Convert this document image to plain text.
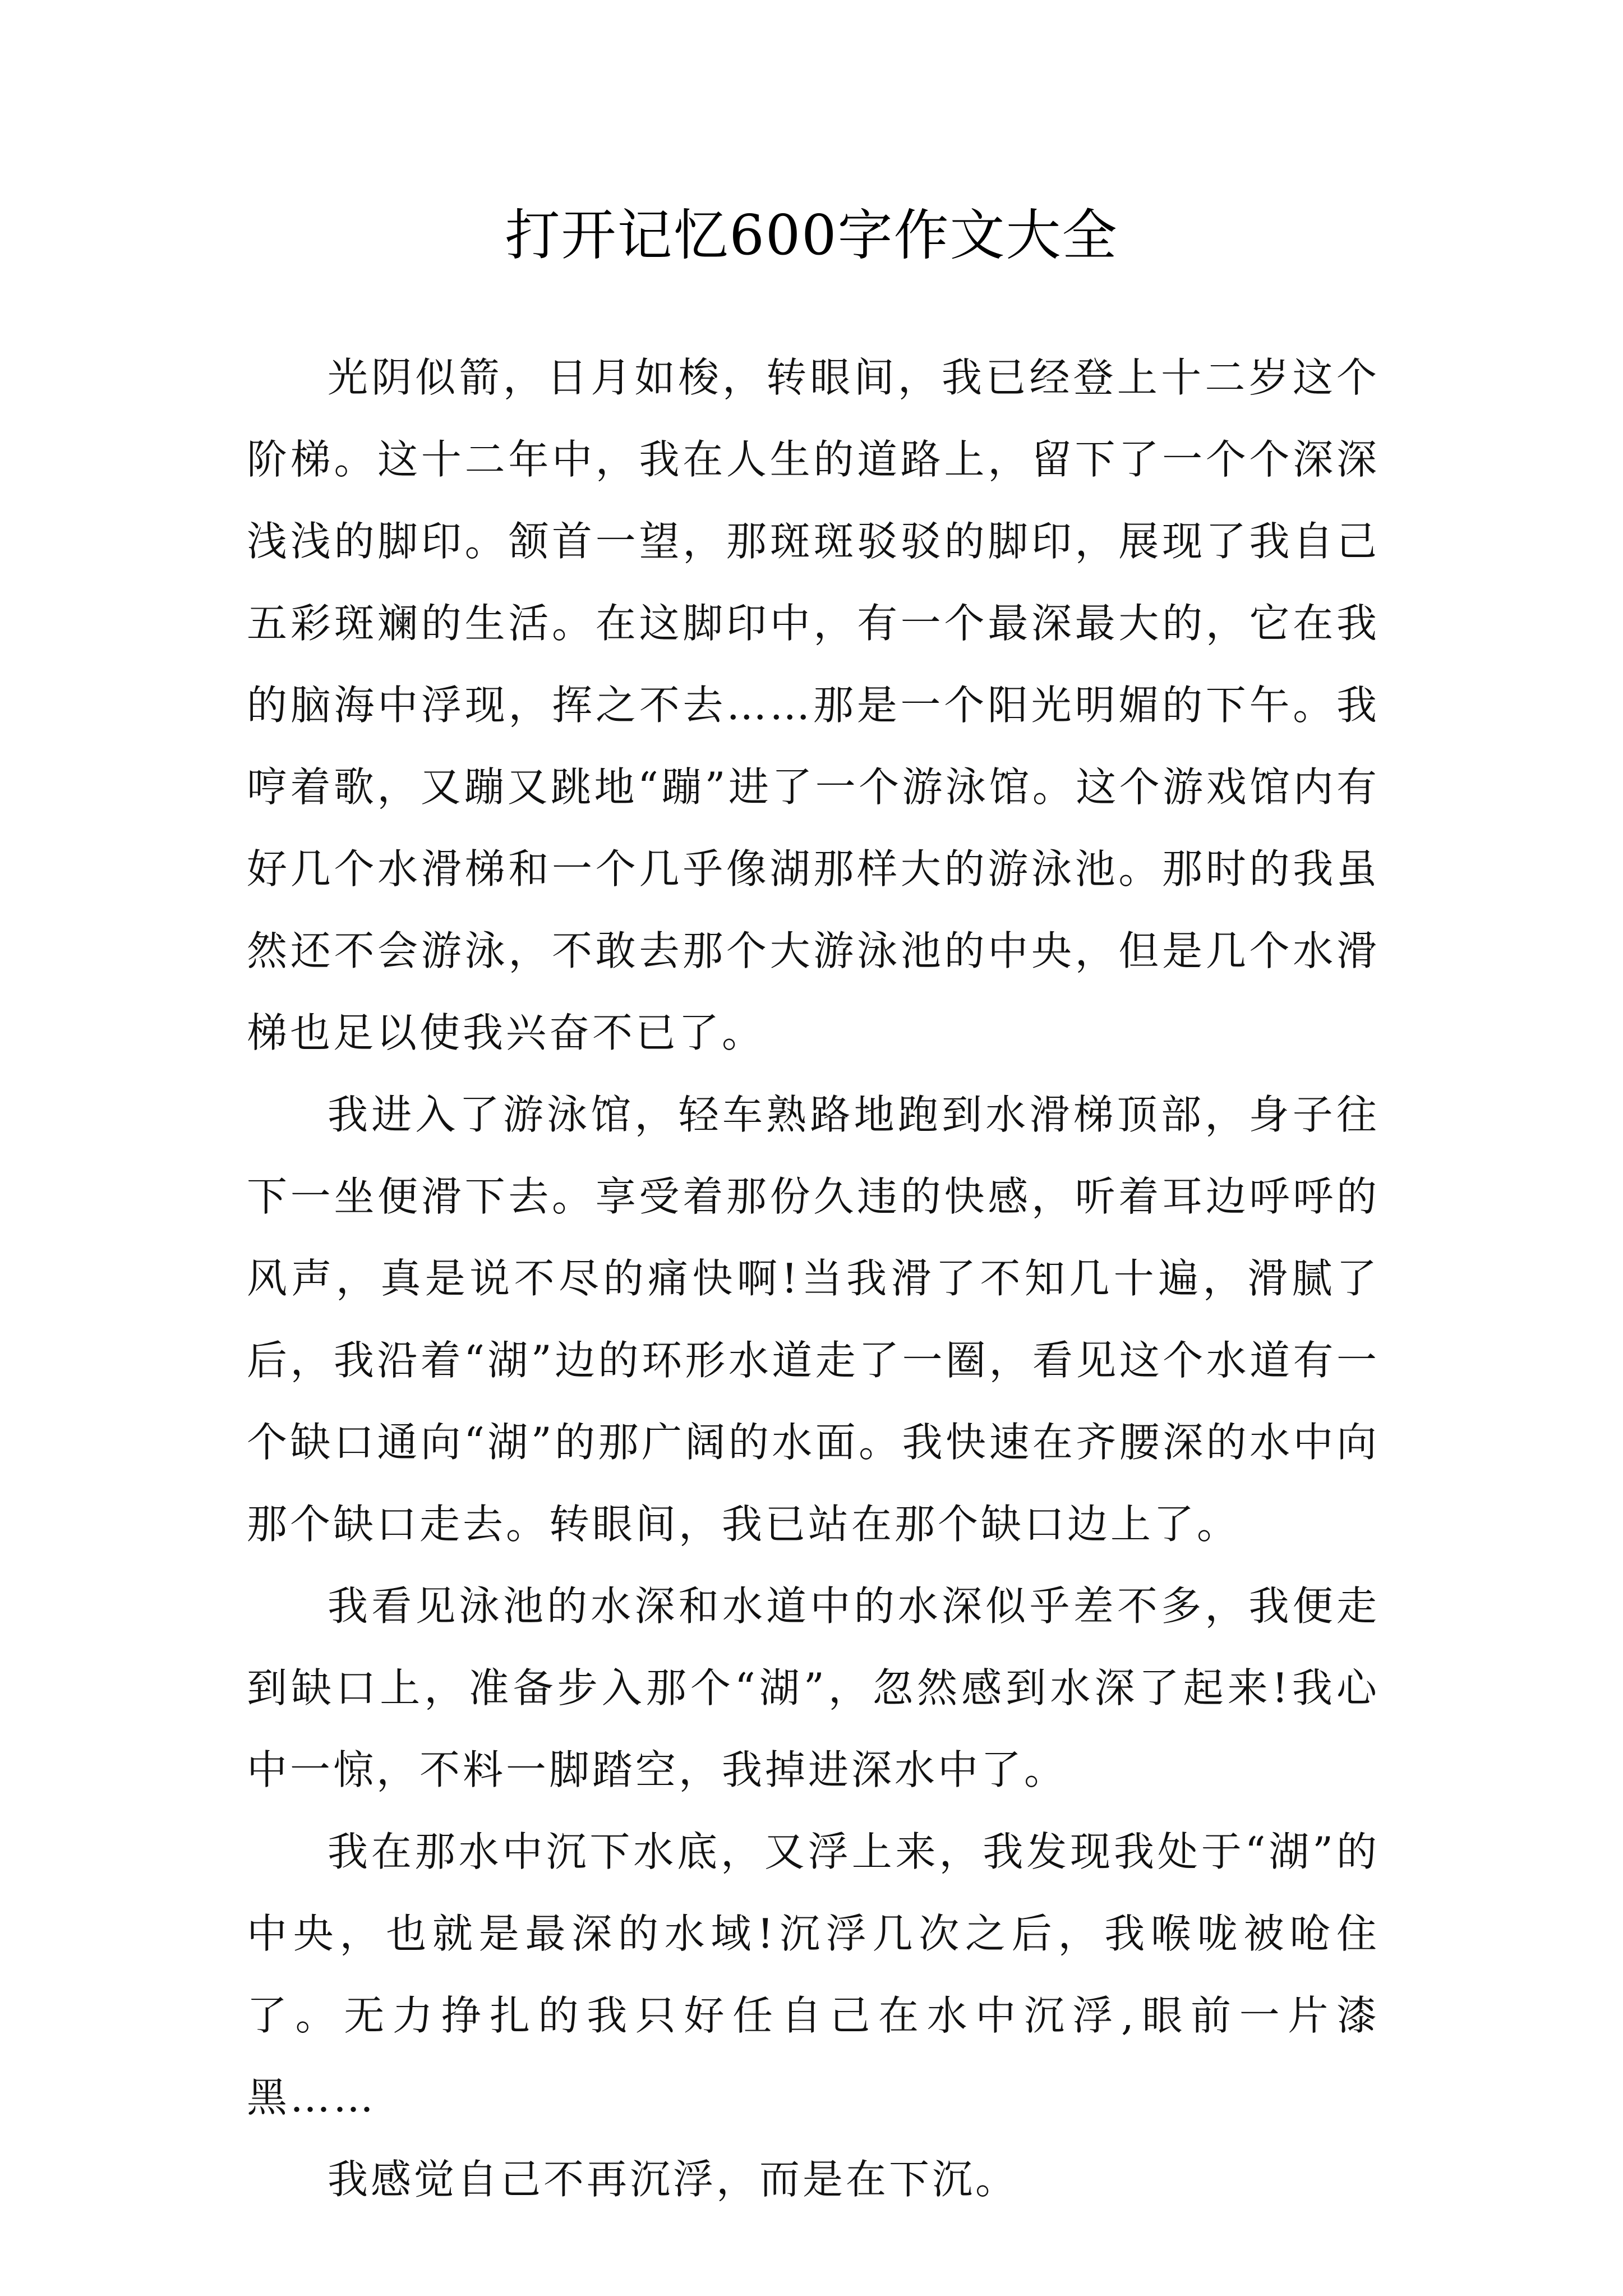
打开记忆600字作文大全

光阴似箭，日月如梭，转眼间，我已经登上十二岁这个阶梯。这十二年中，我在人生的道路上，留下了一个个深深浅浅的脚印。颔首一望，那斑斑驳驳的脚印，展现了我自己五彩斑斓的生活。在这脚印中，有一个最深最大的，它在我的脑海中浮现，挥之不去……那是一个阳光明媚的下午。我哼着歌，又蹦又跳地“蹦”进了一个游泳馆。这个游戏馆内有好几个水滑梯和一个几乎像湖那样大的游泳池。那时的我虽然还不会游泳，不敢去那个大游泳池的中央，但是几个水滑梯也足以使我兴奋不已了。

我进入了游泳馆，轻车熟路地跑到水滑梯顶部，身子往下一坐便滑下去。享受着那份久违的快感，听着耳边呼呼的风声，真是说不尽的痛快啊!当我滑了不知几十遍，滑腻了后，我沿着“湖”边的环形水道走了一圈，看见这个水道有一个缺口通向“湖”的那广阔的水面。我快速在齐腰深的水中向那个缺口走去。转眼间，我已站在那个缺口边上了。

我看见泳池的水深和水道中的水深似乎差不多，我便走到缺口上，准备步入那个“湖”，忽然感到水深了起来!我心中一惊，不料一脚踏空，我掉进深水中了。

我在那水中沉下水底，又浮上来，我发现我处于“湖”的中央，也就是最深的水域!沉浮几次之后，我喉咙被呛住了。无力挣扎的我只好任自己在水中沉浮,眼前一片漆黑……

我感觉自己不再沉浮，而是在下沉。
